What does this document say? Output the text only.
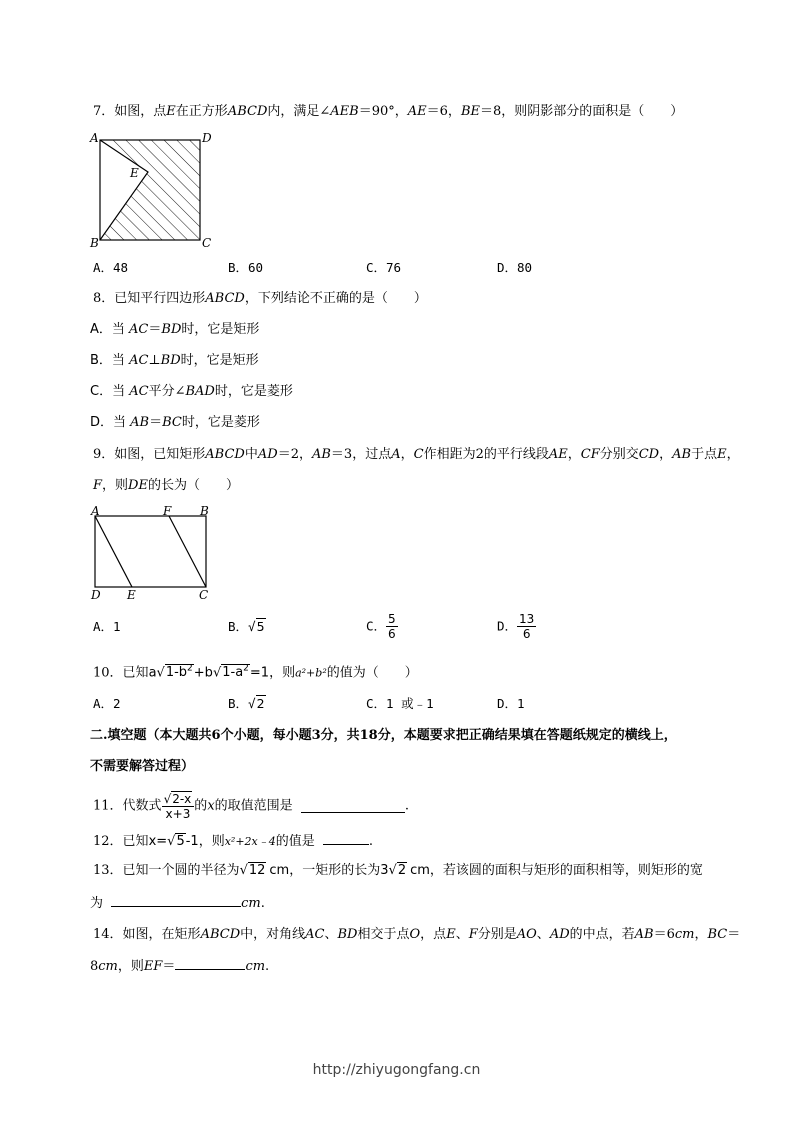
7．如图，点E在正方形ABCD内，满足∠AEB＝90°，AE＝6，BE＝8，则阴影部分的面积是（　　）
A	D
E
B	C
A．48	B．60	C．76	D．80
8．已知平行四边形ABCD，下列结论不正确的是（　　）
A．当 AC＝BD时，它是矩形
B．当 AC⊥BD时，它是矩形
C．当 AC平分∠BAD时，它是菱形
D．当 AB＝BC时，它是菱形
9．如图，已知矩形ABCD中AD＝2，AB＝3，过点A，C作相距为2的平行线段AE，CF分别交CD，AB于点E，
F，则DE的长为（　　）
A	F B
D E	C
A．1	B．√5	C． $\frac{5}{6}$	D． $\frac{13}{6}$
10．已知$a√1-b^2+b√1-a^2=1$，则a²+b²的值为（　　）
A．2	B．√2	C．1 或﹣1	D．1
二.填空题（本大题共6个小题，每小题3分，共18分，本题要求把正确结果填在答题纸规定的横线上，
不需要解答过程）
11．代数式 $\frac{√2-x}{x+3}$ 的x的取值范围是	.
12．已知x=√5-1，则x²+2x﹣4的值是	.
13．已知一个圆的半径为√12 cm，一矩形的长为3√2 cm，若该圆的面积与矩形的面积相等，则矩形的宽
为	cm.
14．如图，在矩形ABCD中，对角线AC、BD相交于点O，点E、F分别是AO、AD的中点，若AB＝6cm，BC＝
8cm，则EF＝	cm.
http://zhiyugongfang.cn
